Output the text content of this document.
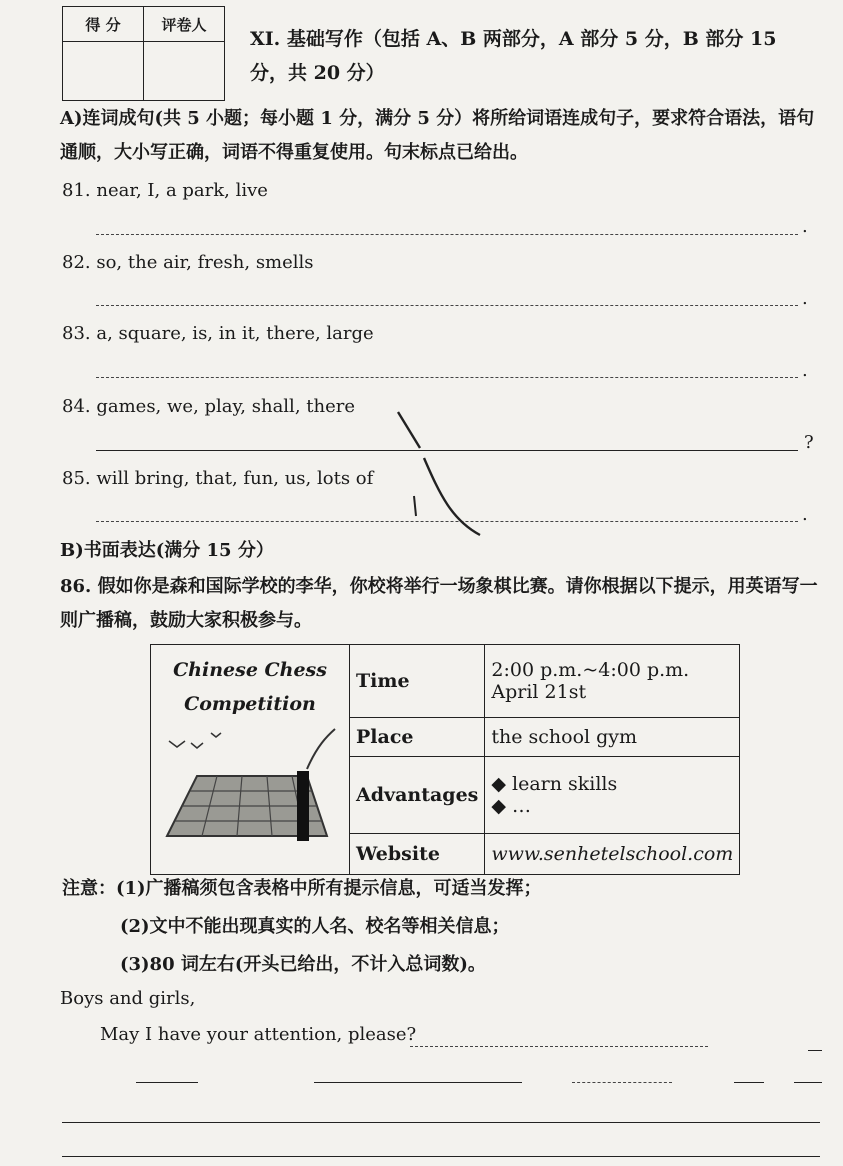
得 分	评卷人

XI. 基础写作（包括 A、B 两部分，A 部分 5 分，B 部分 15 分，共 20 分）
A)连词成句(共 5 小题；每小题 1 分，满分 5 分）将所给词语连成句子，要求符合语法，语句通顺，大小写正确，词语不得重复使用。句末标点已给出。
81. near, I, a park, live
.
82. so, the air, fresh, smells
.
83. a, square, is, in it, there, large
.
84. games, we, play, shall, there
?
85. will bring, that, fun, us, lots of
.
B)书面表达(满分 15 分）
86. 假如你是森和国际学校的李华，你校将举行一场象棋比赛。请你根据以下提示，用英语写一则广播稿，鼓励大家积极参与。
Chinese Chess Competition	Time	2:00 p.m.~4:00 p.m.
April 21st

	Place	the school gym
	Advantages	◆ learn skills
◆ …

	Website	www.senhetelschool.com
注意：(1)广播稿须包含表格中所有提示信息，可适当发挥；
(2)文中不能出现真实的人名、校名等相关信息；
(3)80 词左右(开头已给出，不计入总词数)。
Boys and girls,
May I have your attention, please?
